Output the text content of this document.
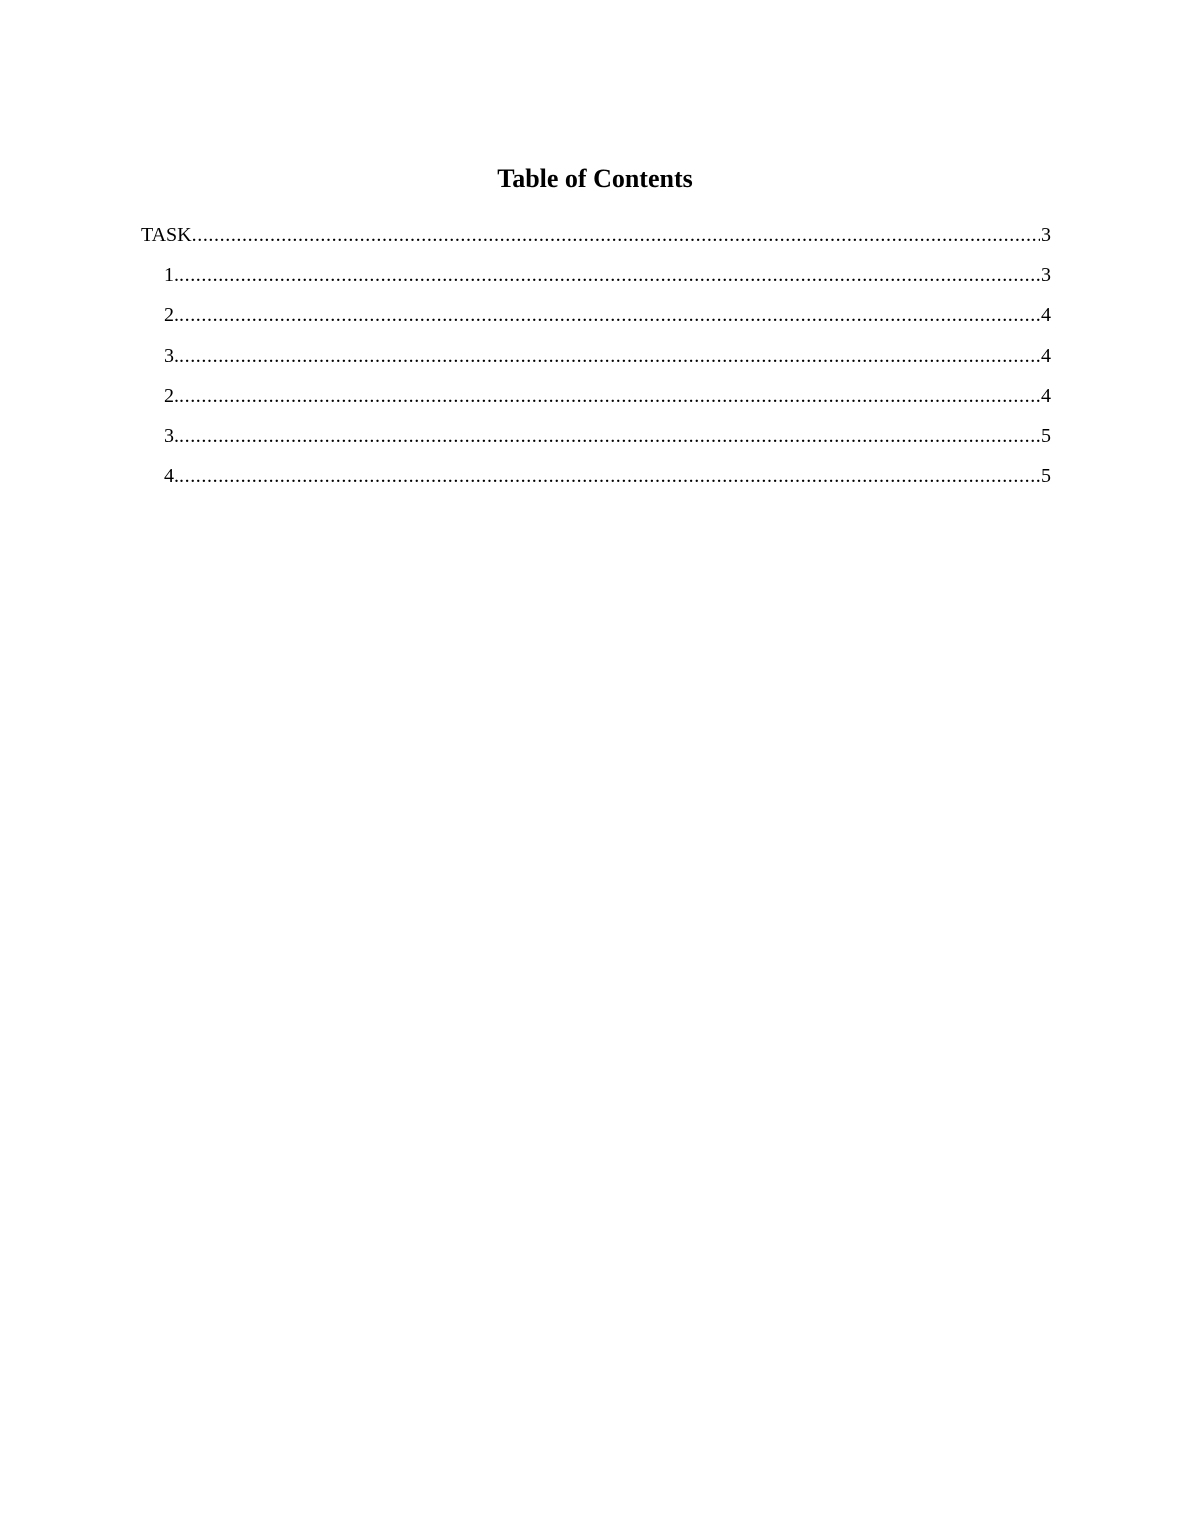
Table of Contents
TASK .....	3
1. .....	3
2. .....	4
3. .....	4
2. .....	4
3. .....	5
4. .....	5
